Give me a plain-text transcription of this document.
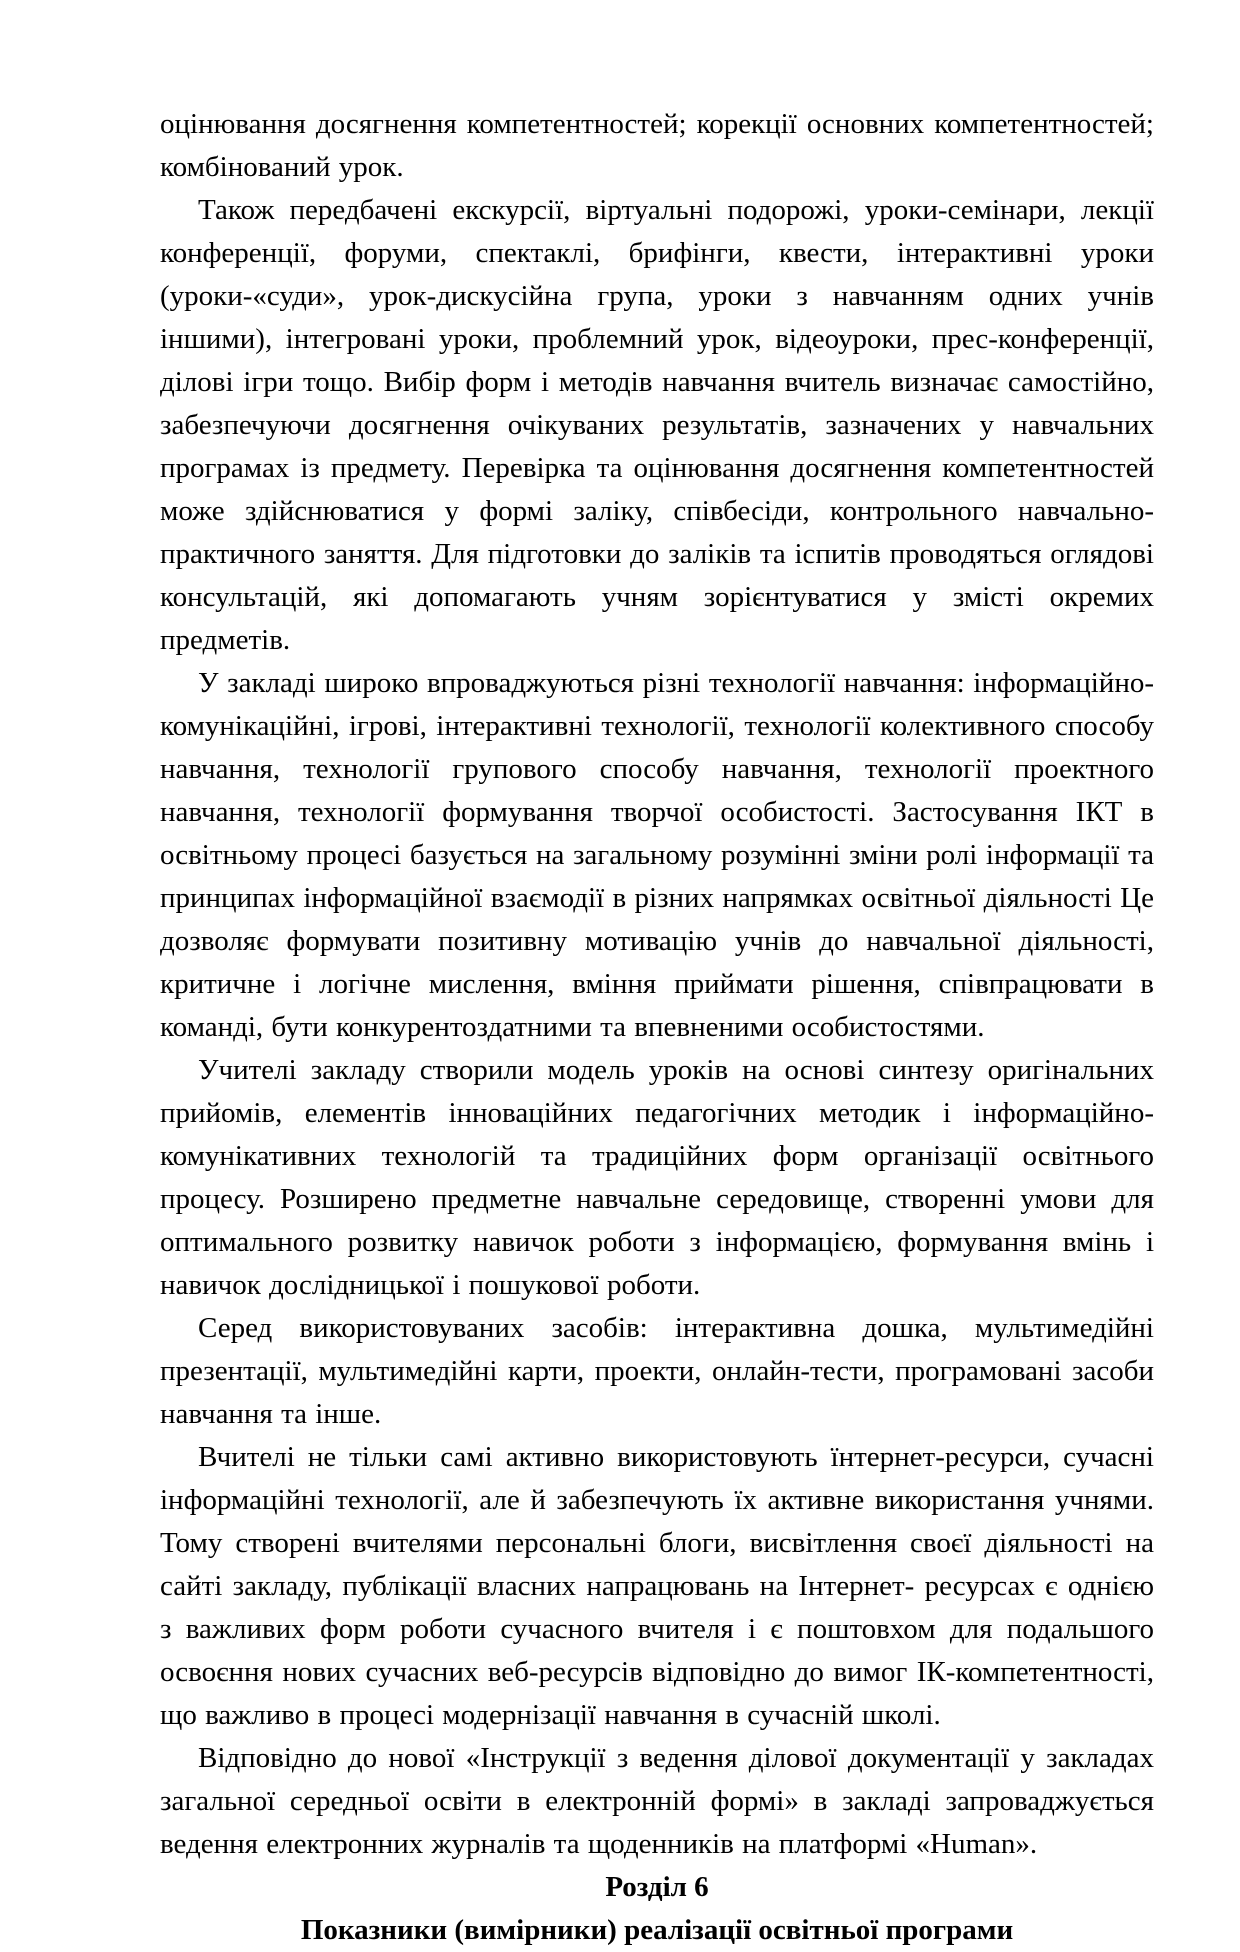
оцінювання досягнення компетентностей; корекції основних компетентностей; комбінований урок.

Також передбачені екскурсії, віртуальні подорожі, уроки-семінари, лекції конференції, форуми, спектаклі, брифінги, квести, інтерактивні уроки (уроки-«суди», урок-дискусійна група, уроки з навчанням одних учнів іншими), інтегровані уроки, проблемний урок, відеоуроки, прес-конференції, ділові ігри тощо. Вибір форм і методів навчання вчитель визначає самостійно, забезпечуючи досягнення очікуваних результатів, зазначених у навчальних програмах із предмету. Перевірка та оцінювання досягнення компетентностей може здійснюватися у формі заліку, співбесіди, контрольного навчально-практичного заняття. Для підготовки до заліків та іспитів проводяться оглядові консультацій, які допомагають учням зорієнтуватися у змісті окремих предметів.

У закладі широко впроваджуються різні технології навчання: інформаційно-комунікаційні, ігрові, інтерактивні технології, технології колективного способу навчання, технології групового способу навчання, технології проектного навчання, технології формування творчої особистості. Застосування ІКТ в освітньому процесі базується на загальному розумінні зміни ролі інформації та принципах інформаційної взаємодії в різних напрямках освітньої діяльності Це дозволяє формувати позитивну мотивацію учнів до навчальної діяльності, критичне і логічне мислення, вміння приймати рішення, співпрацювати в команді, бути конкурентоздатними та впевненими особистостями.

Учителі закладу створили модель уроків на основі синтезу оригінальних прийомів, елементів інноваційних педагогічних методик і інформаційно-комунікативних технологій та традиційних форм організації освітнього процесу. Розширено предметне навчальне середовище, створенні умови для оптимального розвитку навичок роботи з інформацією, формування вмінь і навичок дослідницької і пошукової роботи.

Серед використовуваних засобів: інтерактивна дошка, мультимедійні презентації, мультимедійні карти, проекти, онлайн-тести, програмовані засоби навчання та інше.

Вчителі не тільки самі активно використовують їнтернет-ресурси, сучасні інформаційні технології, але й забезпечують їх активне використання учнями. Тому створені вчителями персональні блоги, висвітлення своєї діяльності на сайті закладу, публікації власних напрацювань на Інтернет- ресурсах є однією з важливих форм роботи сучасного вчителя і є поштовхом для подальшого освоєння нових сучасних веб-ресурсів відповідно до вимог ІК-компетентності, що важливо в процесі модернізації навчання в сучасній школі.

Відповідно до нової «Інструкції з ведення ділової документації у закладах загальної середньої освіти в електронній формі» в закладі запроваджується ведення електронних журналів та щоденників на платформі «Human».

Розділ 6
Показники (вимірники) реалізації освітньої програми
